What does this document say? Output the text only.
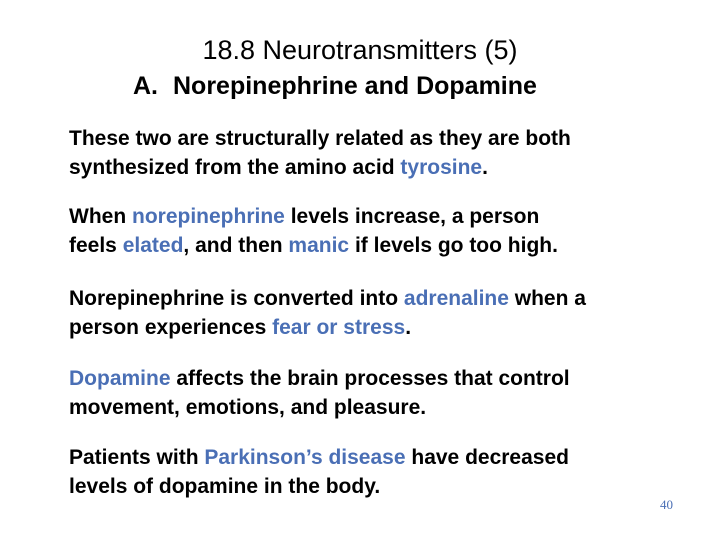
18.8 Neurotransmitters (5)
A. Norepinephrine and Dopamine
These two are structurally related as they are both
synthesized from the amino acid tyrosine.
When norepinephrine levels increase, a person
feels elated, and then manic if levels go too high.
Norepinephrine is converted into adrenaline when a
person experiences fear or stress.
Dopamine affects the brain processes that control
movement, emotions, and pleasure.
Patients with Parkinson’s disease have decreased
levels of dopamine in the body.
40
